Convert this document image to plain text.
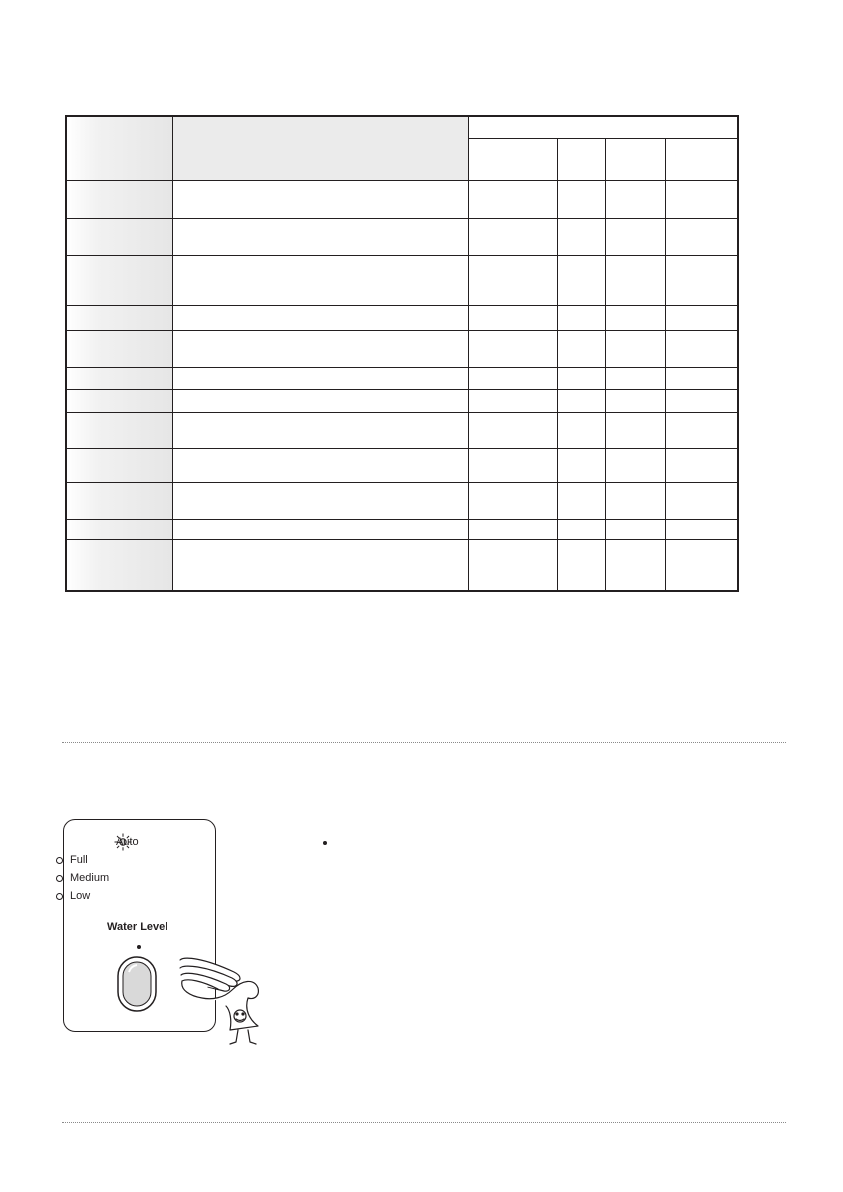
Auto
Full
Medium
Low
Water Level
